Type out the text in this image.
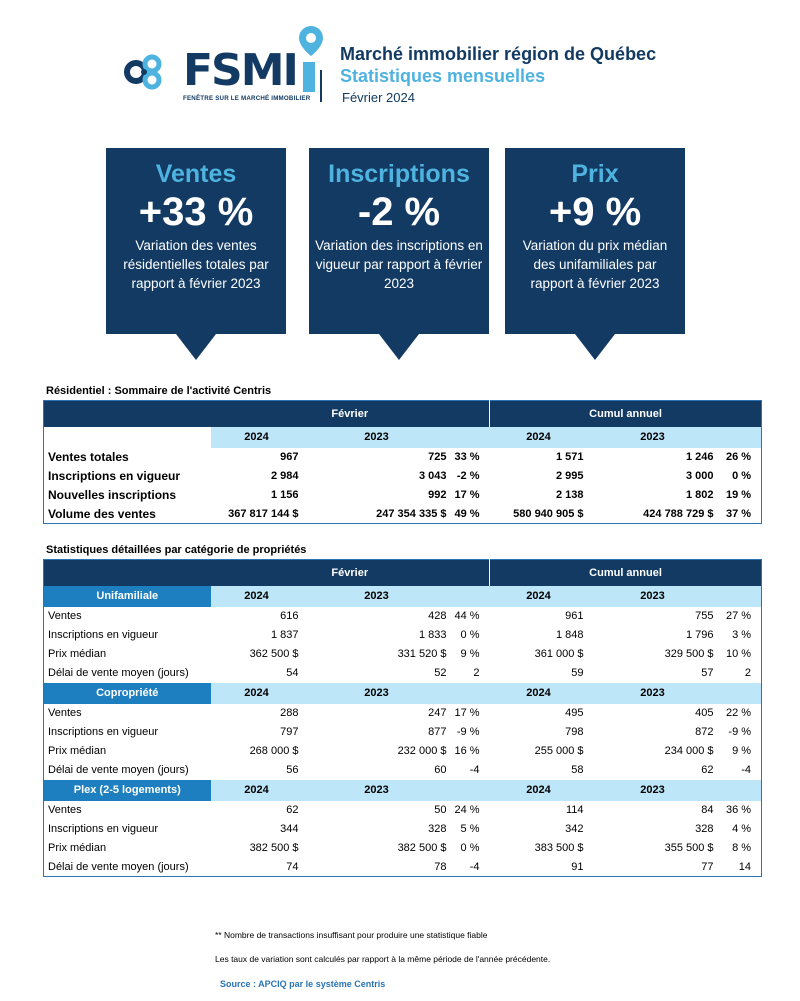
FSMI
FENÊTRE SUR LE MARCHÉ IMMOBILIER
Marché immobilier région de Québec
Statistiques mensuelles
Février 2024
Ventes
+33 %
Variation des ventes résidentielles totales par rapport à février 2023
Inscriptions
-2 %
Variation des inscriptions en vigueur par rapport à février 2023
Prix
+9 %
Variation du prix médian des unifamiliales par rapport à février 2023
Résidentiel : Sommaire de l'activité Centris
	Février			Cumul annuel		
	2024	2023		2024	2023	
Ventes totales	967	725	33 %	1 571	1 246	26 %
Inscriptions en vigueur	2 984	3 043	-2 %	2 995	3 000	0 %
Nouvelles inscriptions	1 156	992	17 %	2 138	1 802	19 %
Volume des ventes	367 817 144 $	247 354 335 $	49 %	580 940 905 $	424 788 729 $	37 %
Statistiques détaillées par catégorie de propriétés
	Février			Cumul annuel		
Unifamiliale	2024	2023		2024	2023	
Ventes	616	428	44 %	961	755	27 %
Inscriptions en vigueur	1 837	1 833	0 %	1 848	1 796	3 %
Prix médian	362 500 $	331 520 $	9 %	361 000 $	329 500 $	10 %
Délai de vente moyen (jours)	54	52	2	59	57	2
Copropriété	2024	2023		2024	2023	
Ventes	288	247	17 %	495	405	22 %
Inscriptions en vigueur	797	877	-9 %	798	872	-9 %
Prix médian	268 000 $	232 000 $	16 %	255 000 $	234 000 $	9 %
Délai de vente moyen (jours)	56	60	-4	58	62	-4
Plex (2-5 logements)	2024	2023		2024	2023	
Ventes	62	50	24 %	114	84	36 %
Inscriptions en vigueur	344	328	5 %	342	328	4 %
Prix médian	382 500 $	382 500 $	0 %	383 500 $	355 500 $	8 %
Délai de vente moyen (jours)	74	78	-4	91	77	14
** Nombre de transactions insuffisant pour produire une statistique fiable
Les taux de variation sont calculés par rapport à la même période de l'année précédente.
Source : APCIQ par le système Centris
